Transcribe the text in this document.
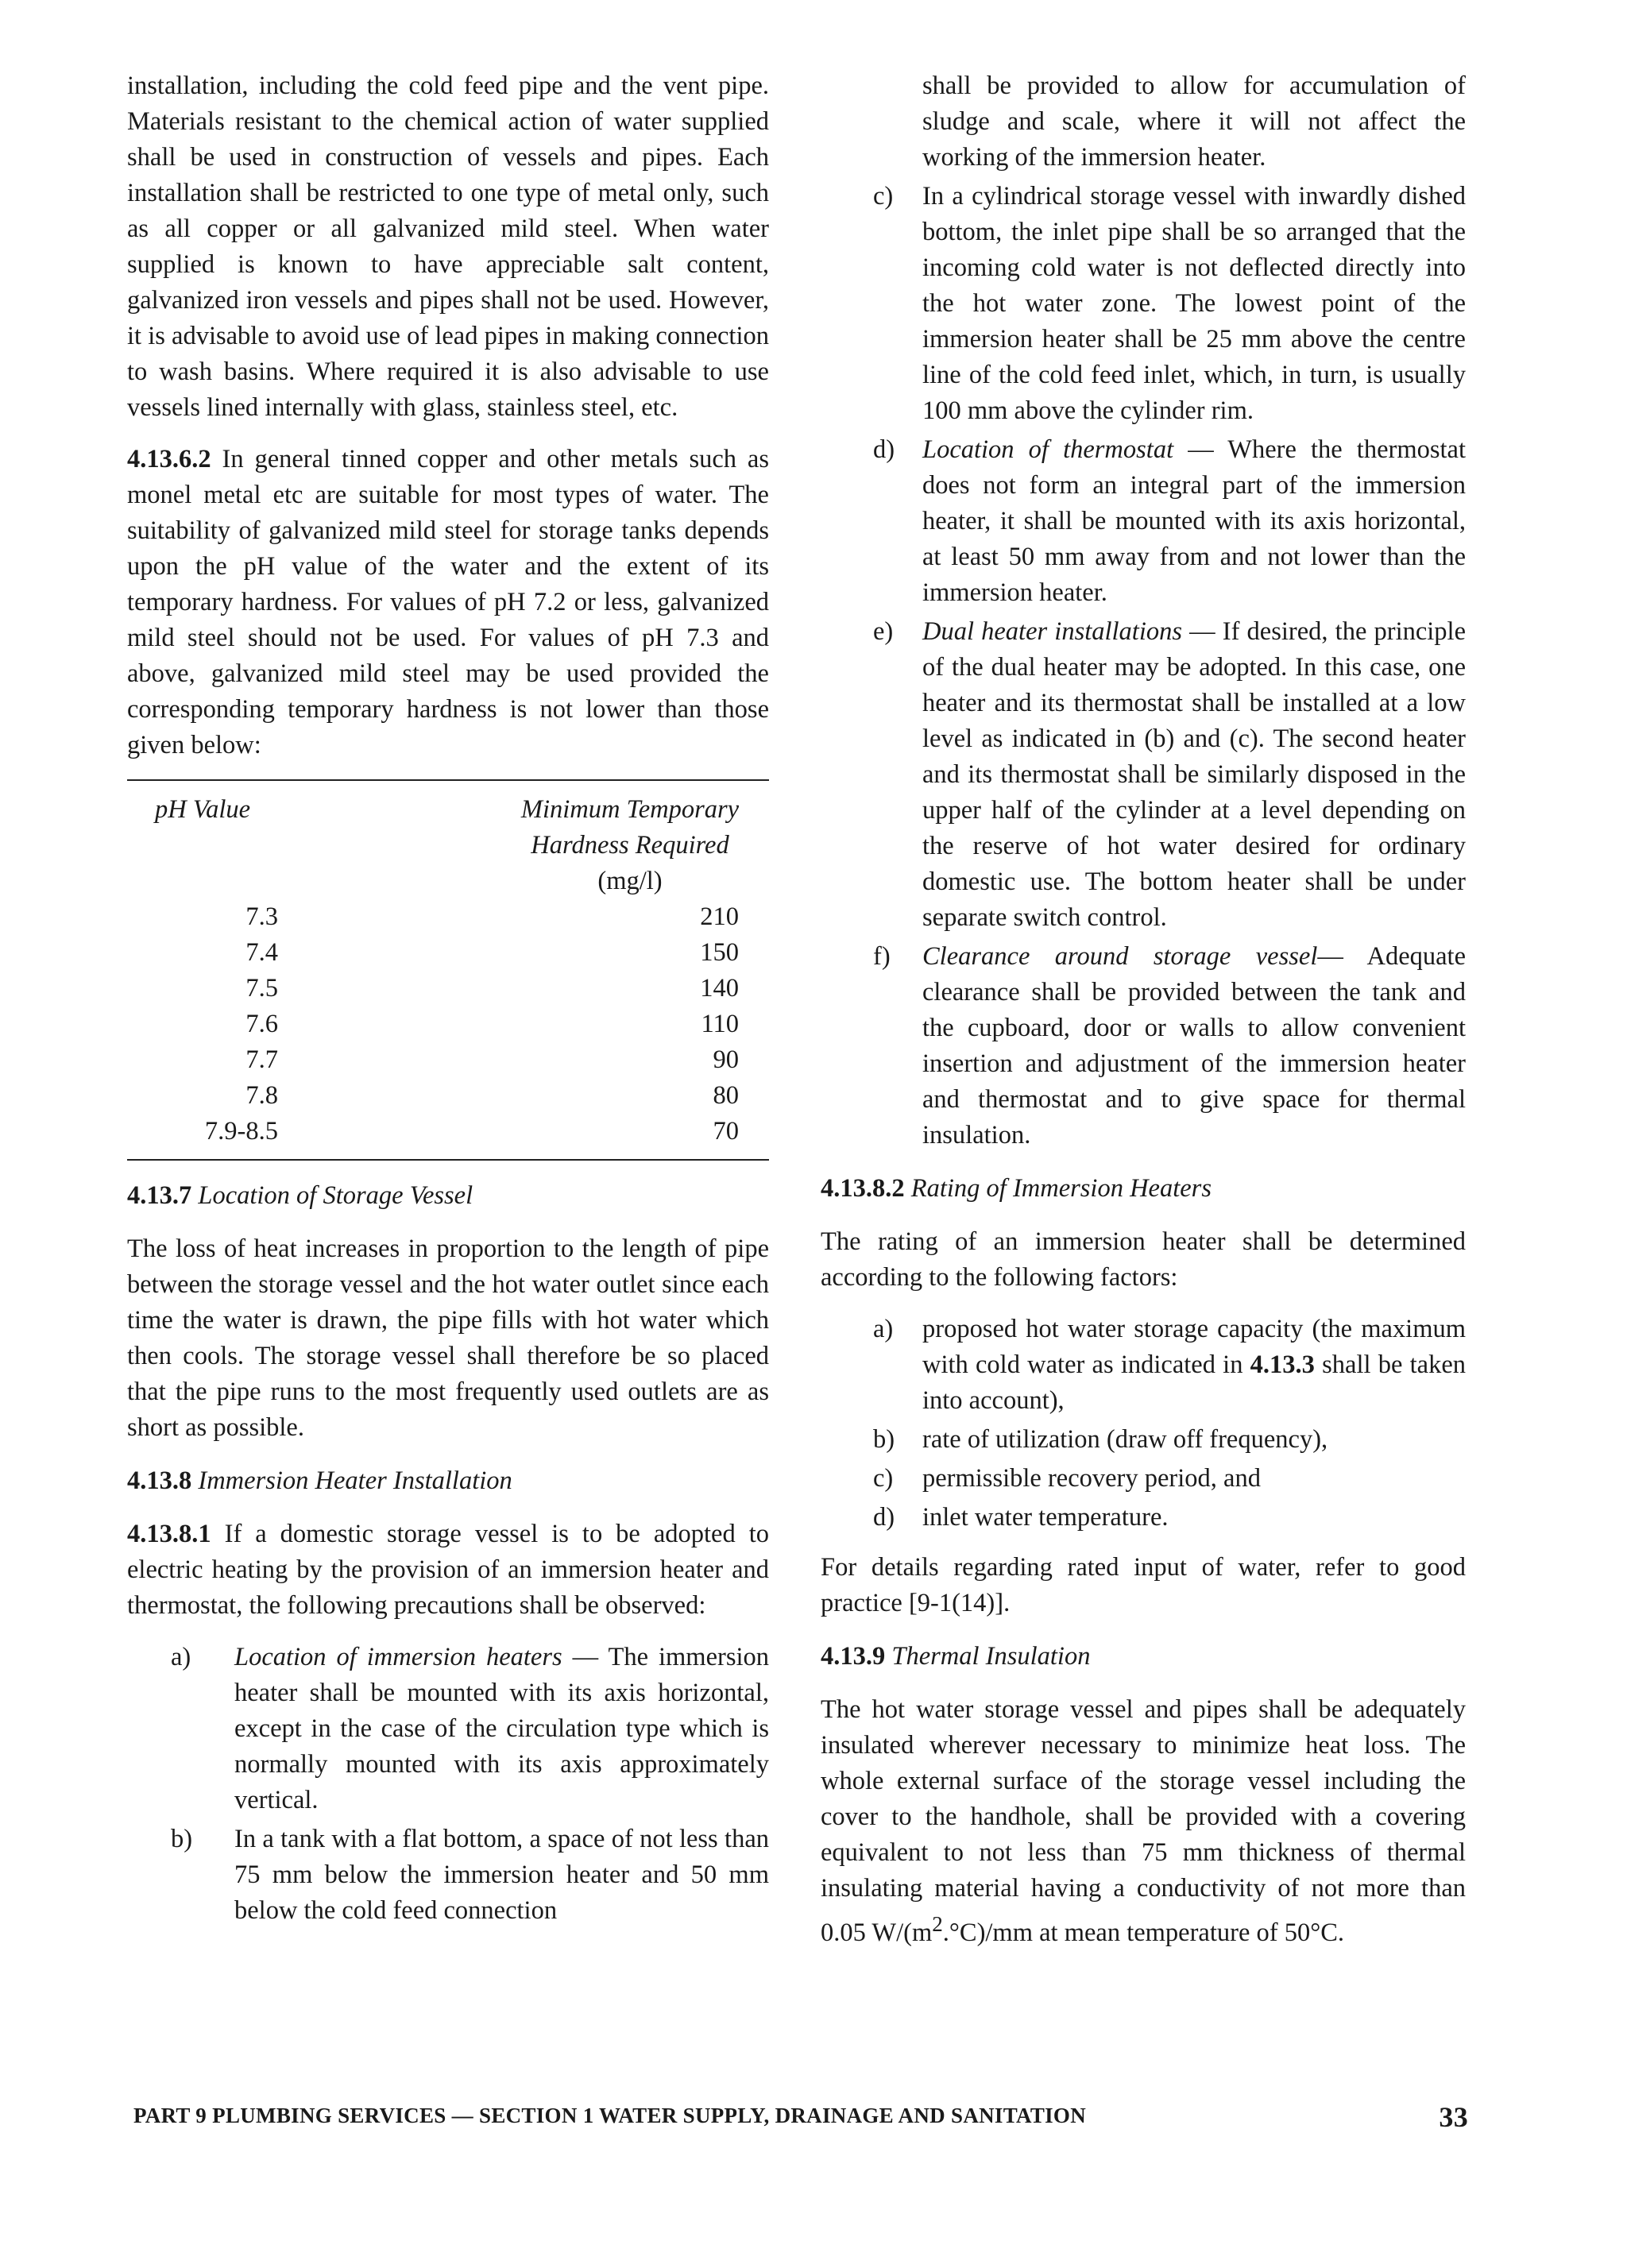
installation, including the cold feed pipe and the vent pipe. Materials resistant to the chemical action of water supplied shall be used in construction of vessels and pipes. Each installation shall be restricted to one type of metal only, such as all copper or all galvanized mild steel. When water supplied is known to have appreciable salt content, galvanized iron vessels and pipes shall not be used. However, it is advisable to avoid use of lead pipes in making connection to wash basins. Where required it is also advisable to use vessels lined internally with glass, stainless steel, etc.

4.13.6.2 In general tinned copper and other metals such as monel metal etc are suitable for most types of water. The suitability of galvanized mild steel for storage tanks depends upon the pH value of the water and the extent of its temporary hardness. For values of pH 7.2 or less, galvanized mild steel should not be used. For values of pH 7.3 and above, galvanized mild steel may be used provided the corresponding temporary hardness is not lower than those given below:

pH Value	Minimum Temporary
Hardness Required
(mg/l)
7.3	210
7.4	150
7.5	140
7.6	110
7.7	90
7.8	80
7.9-8.5	70

4.13.7 Location of Storage Vessel

The loss of heat increases in proportion to the length of pipe between the storage vessel and the hot water outlet since each time the water is drawn, the pipe fills with hot water which then cools. The storage vessel shall therefore be so placed that the pipe runs to the most frequently used outlets are as short as possible.

4.13.8 Immersion Heater Installation

4.13.8.1 If a domestic storage vessel is to be adopted to electric heating by the provision of an immersion heater and thermostat, the following precautions shall be observed:

a)	Location of immersion heaters — The immersion heater shall be mounted with its axis horizontal, except in the case of the circulation type which is normally mounted with its axis approximately vertical.
b)	In a tank with a flat bottom, a space of not less than 75 mm below the immersion heater and 50 mm below the cold feed connection
shall be provided to allow for accumulation of sludge and scale, where it will not affect the working of the immersion heater.
c)	In a cylindrical storage vessel with inwardly dished bottom, the inlet pipe shall be so arranged that the incoming cold water is not deflected directly into the hot water zone. The lowest point of the immersion heater shall be 25 mm above the centre line of the cold feed inlet, which, in turn, is usually 100 mm above the cylinder rim.
d)	Location of thermostat — Where the thermostat does not form an integral part of the immersion heater, it shall be mounted with its axis horizontal, at least 50 mm away from and not lower than the immersion heater.
e)	Dual heater installations — If desired, the principle of the dual heater may be adopted. In this case, one heater and its thermostat shall be installed at a low level as indicated in (b) and (c). The second heater and its thermostat shall be similarly disposed in the upper half of the cylinder at a level depending on the reserve of hot water desired for ordinary domestic use. The bottom heater shall be under separate switch control.
f)	Clearance around storage vessel— Adequate clearance shall be provided between the tank and the cupboard, door or walls to allow convenient insertion and adjustment of the immersion heater and thermostat and to give space for thermal insulation.

4.13.8.2 Rating of Immersion Heaters

The rating of an immersion heater shall be determined according to the following factors:

a)	proposed hot water storage capacity (the maximum with cold water as indicated in 4.13.3 shall be taken into account),
b)	rate of utilization (draw off frequency),
c)	permissible recovery period, and
d)	inlet water temperature.

For details regarding rated input of water, refer to good practice [9-1(14)].

4.13.9 Thermal Insulation

The hot water storage vessel and pipes shall be adequately insulated wherever necessary to minimize heat loss. The whole external surface of the storage vessel including the cover to the handhole, shall be provided with a covering equivalent to not less than 75 mm thickness of thermal insulating material having a conductivity of not more than 0.05 $W/(m^2.^\circ C)/mm$ at mean temperature of 50°C.

PART 9 PLUMBING SERVICES — SECTION 1 WATER SUPPLY, DRAINAGE AND SANITATION	33
